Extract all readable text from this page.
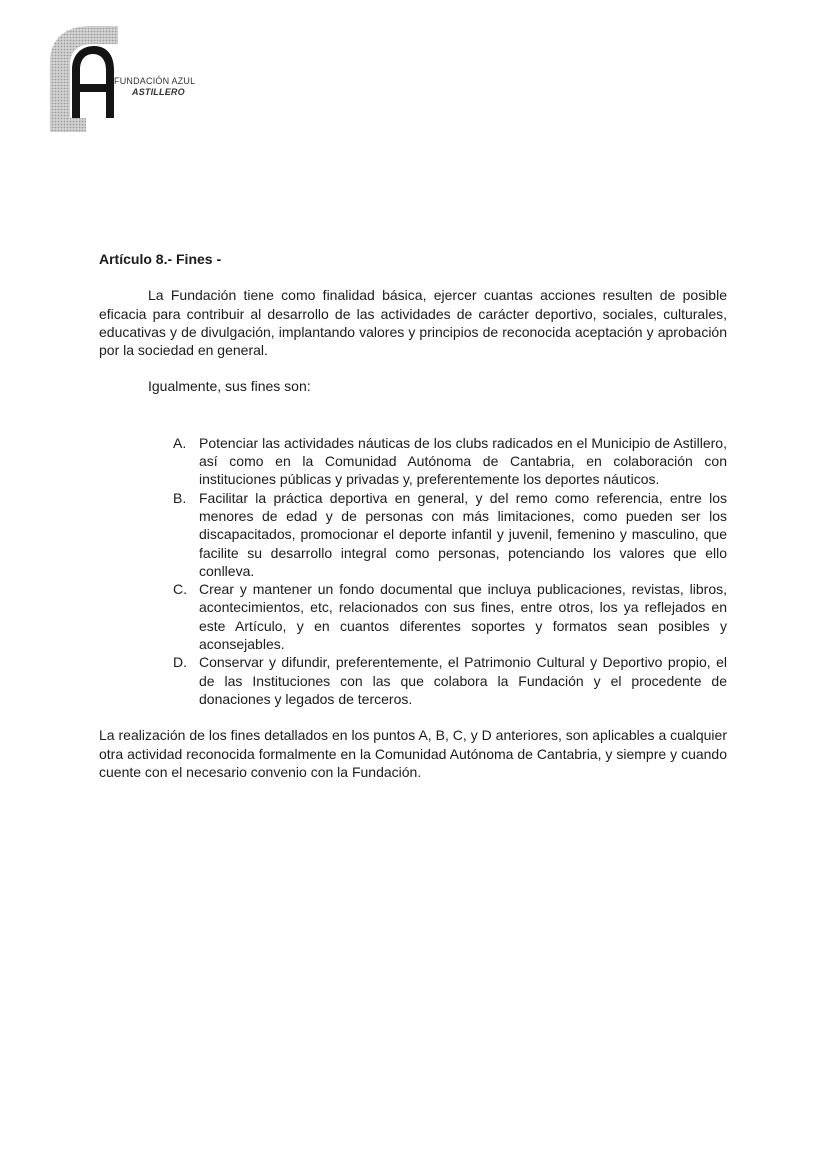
FUNDACIÓN AZUL
ASTILLERO

Artículo 8.- Fines -

La Fundación tiene como finalidad básica, ejercer cuantas acciones resulten de posible eficacia para contribuir al desarrollo de las actividades de carácter deportivo, sociales, culturales, educativas y de divulgación, implantando valores y principios de reconocida aceptación y aprobación por la sociedad en general.

Igualmente, sus fines son:

A. Potenciar las actividades náuticas de los clubs radicados en el Municipio de Astillero, así como en la Comunidad Autónoma de Cantabria, en colaboración con instituciones públicas y privadas y, preferentemente los deportes náuticos.
B. Facilitar la práctica deportiva en general, y del remo como referencia, entre los menores de edad y de personas con más limitaciones, como pueden ser los discapacitados, promocionar el deporte infantil y juvenil, femenino y masculino, que facilite su desarrollo integral como personas, potenciando los valores que ello conlleva.
C. Crear y mantener un fondo documental que incluya publicaciones, revistas, libros, acontecimientos, etc, relacionados con sus fines, entre otros, los ya reflejados en este Artículo, y en cuantos diferentes soportes y formatos sean posibles y aconsejables.
D. Conservar y difundir, preferentemente, el Patrimonio Cultural y Deportivo propio, el de las Instituciones con las que colabora la Fundación y el procedente de donaciones y legados de terceros.

La realización de los fines detallados en los puntos A, B, C, y D anteriores, son aplicables a cualquier otra actividad reconocida formalmente en la Comunidad Autónoma de Cantabria, y siempre y cuando cuente con el necesario convenio con la Fundación.
